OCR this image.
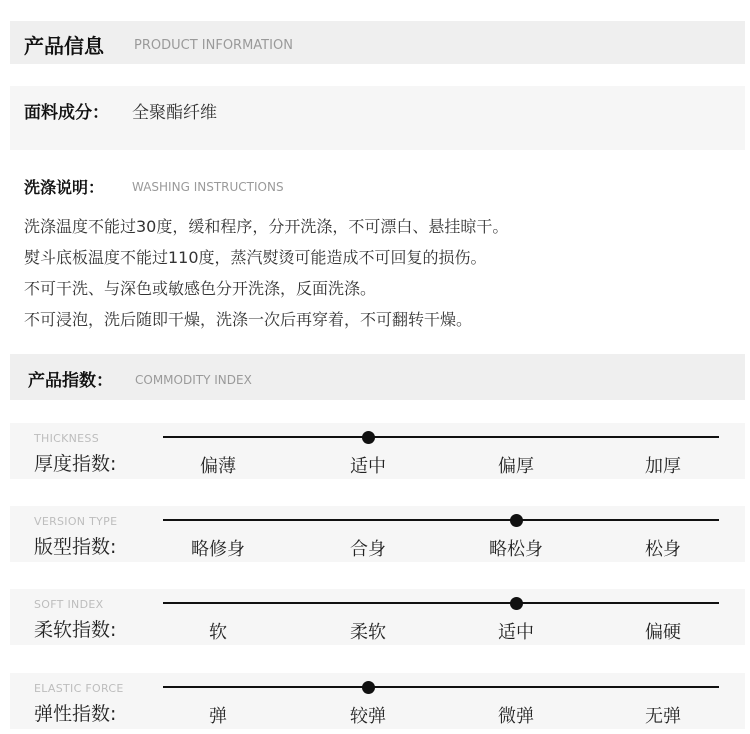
产品信息 PRODUCT INFORMATION
面料成分： 全聚酯纤维
洗涤说明： WASHING INSTRUCTIONS
洗涤温度不能过30度，缓和程序，分开洗涤，不可漂白、悬挂晾干。
熨斗底板温度不能过110度，蒸汽熨烫可能造成不可回复的损伤。
不可干洗、与深色或敏感色分开洗涤，反面洗涤。
不可浸泡，洗后随即干燥，洗涤一次后再穿着，不可翻转干燥。
产品指数： COMMODITY INDEX
THICKNESS
厚度指数:	偏薄	适中	偏厚	加厚
VERSION TYPE
版型指数:	略修身	合身	略松身	松身
SOFT INDEX
柔软指数:	软	柔软	适中	偏硬
ELASTIC FORCE
弹性指数:	弹	较弹	微弹	无弹
